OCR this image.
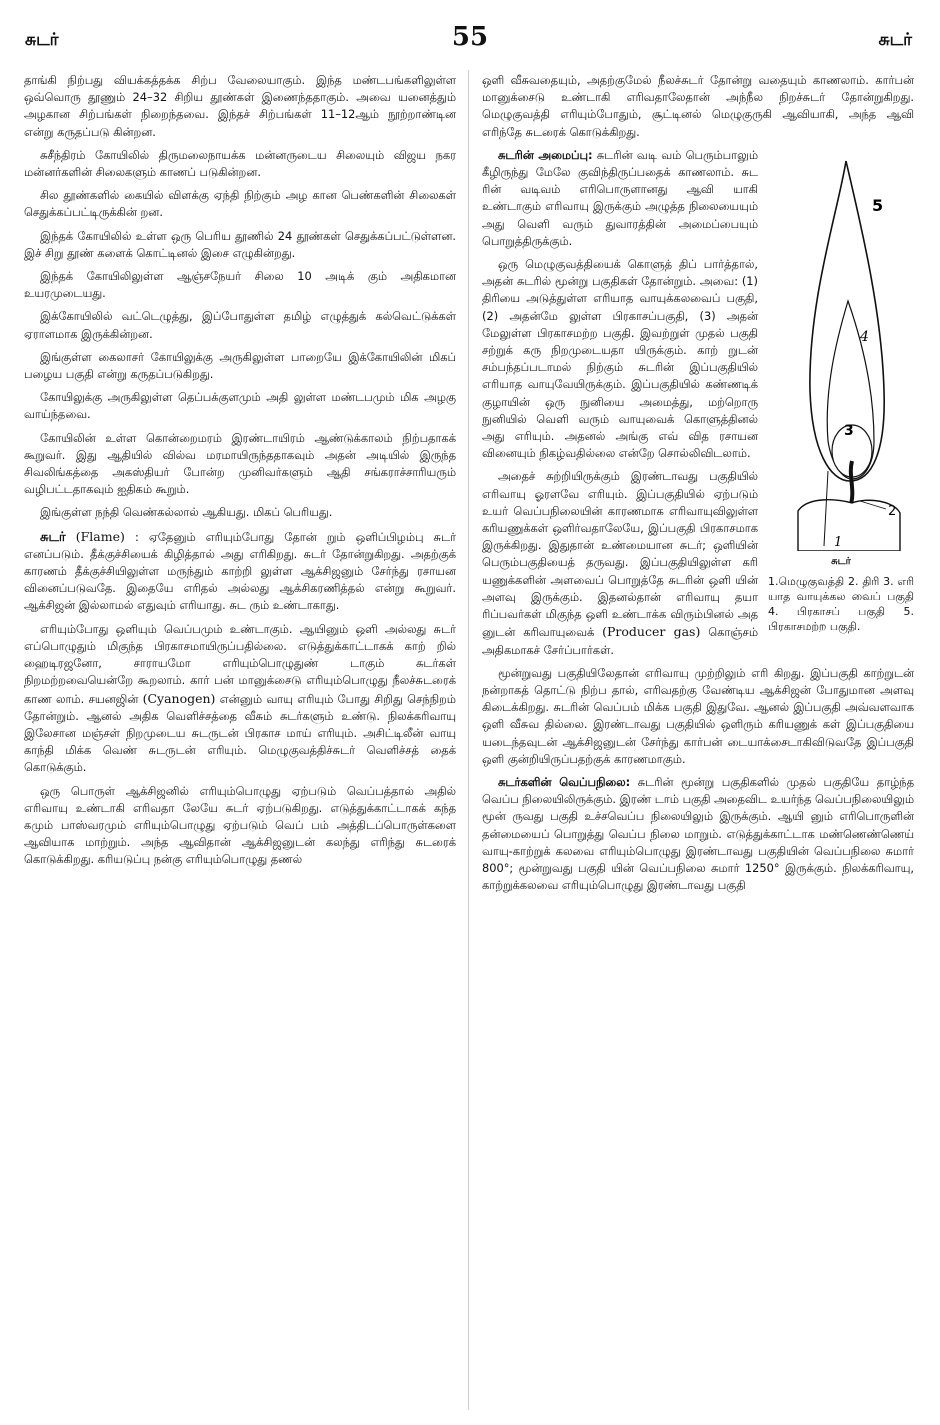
சுடர்	55	சுடர்

தாங்கி நிற்பது வியக்கத்தக்க சிற்ப வேலையாகும். இந்த மண்டபங்களிலுள்ள ஒவ்வொரு தூணும் 24–32 சிறிய தூண்கள் இணைந்ததாகும். அவை யனைத்தும் அழகான சிற்பங்கள் நிறைந்தவை. இந்தச் சிற்பங்கள் 11–12ஆம் நூற்றாண்டின என்று கருதப்படு கின்றன.

சுசீந்திரம் கோயிலில் திருமலைநாயக்க மன்னருடைய சிலையும் விஜய நகர மன்னர்களின் சிலைகளும் காணப் படுகின்றன.

சில தூண்களில் கையில் விளக்கு ஏந்தி நிற்கும் அழ கான பெண்களின் சிலைகள் செதுக்கப்பட்டிருக்கின் றன.

இந்தக் கோயிலில் உள்ள ஒரு பெரிய தூணில் 24 தூண்கள் செதுக்கப்பட்டுள்ளன. இச் சிறு தூண் களைக் கொட்டினல் இசை எழுகின்றது.

இந்தக் கோயிலிலுள்ள ஆஞ்சநேயர் சிலை 10 அடிக் கும் அதிகமான உயரமுடையது.

இக்கோயிலில் வட்டெழுத்து, இப்போதுள்ள தமிழ் எழுத்துக் கல்வெட்டுக்கள் ஏராளமாக இருக்கின்றன.

இங்குள்ள கைலாசர் கோயிலுக்கு அருகிலுள்ள பாறையே இக்கோயிலின் மிகப் பழைய பகுதி என்று கருதப்படுகிறது.

கோயிலுக்கு அருகிலுள்ள தெப்பக்குளமும் அதி லுள்ள மண்டபமும் மிக அழகு வாய்ந்தவை.

கோயிலின் உள்ள கொன்றைமரம் இரண்டாயிரம் ஆண்டுக்காலம் நிற்பதாகக் கூறுவர். இது ஆதியில் வில்வ மரமாயிருந்ததாகவும் அதன் அடியில் இருந்த சிவலிங்கத்தை அகஸ்தியர் போன்ற முனிவர்களும் ஆதி சங்கராச்சாரியரும் வழிபட்டதாகவும் ஐதிகம் கூறும்.

இங்குள்ள நந்தி வெண்கல்லால் ஆகியது. மிகப் பெரியது.

சுடர் (Flame) : ஏதேனும் எரியும்போது தோன் றும் ஒளிப்பிழம்பு சுடர் எனப்படும். தீக்குச்சியைக் கிழித்தால் அது எரிகிறது. சுடர் தோன்றுகிறது. அதற்குக் காரணம் தீக்குச்சியிலுள்ள மருந்தும் காற்றி லுள்ள ஆக்சிஜனும் சேர்ந்து ரசாயன வினைப்படுவதே. இதையே எரிதல் அல்லது ஆக்சிகரணித்தல் என்று கூறுவர். ஆக்சிஜன் இல்லாமல் எதுவும் எரியாது. சுட ரும் உண்டாகாது.

எரியும்போது ஒளியும் வெப்பமும் உண்டாகும். ஆயினும் ஒளி அல்லது சுடர் எப்பொழுதும் மிகுந்த பிரகாசமாயிருப்பதில்லை. எடுத்துக்காட்டாகக் காற் றில் ஹைடிரஜனோ, சாராயமோ எரியும்பொழுதுண் டாகும் சுடர்கள் நிறமற்றவையென்றே கூறலாம். கார் பன் மானுக்சைடு எரியும்பொழுது நீலச்சுடரைக் காண லாம். சயனஜின் (Cyanogen) என்னும் வாயு எரியும் போது சிறிது செந்நிறம் தோன்றும். ஆனல் அதிக வெளிச்சத்தை வீசும் சுடர்களும் உண்டு. நிலக்கரிவாயு இலேசான மஞ்சள் நிறமுடைய சுடருடன் பிரகாச மாய் எரியும். அசிட்டிலீன் வாயு காந்தி மிக்க வெண் சுடருடன் எரியும். மெழுகுவத்திச்சுடர் வெளிச்சத் தைக் கொடுக்கும்.

ஒரு பொருள் ஆக்சிஜனில் எரியும்பொழுது ஏற்படும் வெப்பத்தால் அதில் எரிவாயு உண்டாகி எரிவதா லேயே சுடர் ஏற்படுகிறது. எடுத்துக்காட்டாகக் கந்த கமும் பாஸ்வரமும் எரியும்பொழுது ஏற்படும் வெப் பம் அத்திடப்பொருள்களை ஆவியாக மாற்றும். அந்த ஆவிதான் ஆக்சிஜனுடன் கலந்து எரிந்து சுடரைக் கொடுக்கிறது. கரியடுப்பு நன்கு எரியும்பொழுது தணல்

ஒளி வீசுவதையும், அதற்குமேல் நீலச்சுடர் தோன்று வதையும் காணலாம். கார்பன் மானுக்சைடு உண்டாகி எரிவதாலேதான் அந்நீல நிறச்சுடர் தோன்றுகிறது. மெழுகுவத்தி எரியும்போதும், சூட்டினல் மெழுகுருகி ஆவியாகி, அந்த ஆவி எரிந்தே சுடரைக் கொடுக்கிறது.

5
4
3
2
1
சுடர்
1.மெழுகுவத்தி 2. திரி 3. எரி யாத வாயுக்கல வைப் பகுதி 4. பிரகாசப் பகுதி 5. பிரகாசமற்ற பகுதி.

சுடரின் அமைப்பு: சுடரின் வடி வம் பெரும்பாலும் கீழிருந்து மேலே குவிந்திருப்பதைக் காணலாம். சுட ரின் வடிவம் எரிபொருளானது ஆவி யாகி உண்டாகும் எரிவாயு இருக்கும் அழுத்த நிலையையும் அது வெளி வரும் துவாரத்தின் அமைப்பையும் பொறுத்திருக்கும்.

ஒரு மெழுகுவத்தியைக் கொளுத் திப் பார்த்தால், அதன் சுடரில் மூன்று பகுதிகள் தோன்றும். அவை: (1) திரியை அடுத்துள்ள எரியாத வாயுக்கலவைப் பகுதி, (2) அதன்மே லுள்ள பிரகாசப்பகுதி, (3) அதன் மேலுள்ள பிரகாசமற்ற பகுதி. இவற்றுள் முதல் பகுதி சற்றுக் கரு நிறமுடையதா யிருக்கும். காற் றுடன் சம்பந்தப்படாமல் நிற்கும் சுடரின் இப்பகுதியில் எரியாத வாயுவேயிருக்கும். இப்பகுதியில் கண்ணடிக் குழாயின் ஒரு நுனியை அமைத்து, மற்றொரு நுனியில் வெளி வரும் வாயுவைக் கொளுத்தினல் அது எரியும். அதனல் அங்கு எவ் வித ரசாயன வினையும் நிகழ்வதில்லை என்றே சொல்லிவிடலாம்.

அதைச் சுற்றியிருக்கும் இரண்டாவது பகுதியில் எரிவாயு ஓரளவே எரியும். இப்பகுதியில் ஏற்படும் உயர் வெப்பநிலையின் காரணமாக எரிவாயுவிலுள்ள கரியணுக்கள் ஒளிர்வதாலேயே, இப்பகுதி பிரகாசமாக இருக்கிறது. இதுதான் உண்மையான சுடர்; ஒளியின் பெரும்பகுதியைத் தருவது. இப்பகுதியிலுள்ள கரி யணுக்களின் அளவைப் பொறுத்தே சுடரின் ஒளி யின் அளவு இருக்கும். இதனல்தான் எரிவாயு தயா ரிப்பவர்கள் மிகுந்த ஒளி உண்டாக்க விரும்பினல் அத னுடன் கரிவாயுவைக் (Producer gas) கொஞ்சம் அதிகமாகச் சேர்ப்பார்கள்.

மூன்றுவது பகுதியிலேதான் எரிவாயு முற்றிலும் எரி கிறது. இப்பகுதி காற்றுடன் நன்றாகத் தொட்டு நிற்ப தால், எரிவதற்கு வேண்டிய ஆக்சிஜன் போதுமான அளவு கிடைக்கிறது. சுடரின் வெப்பம் மிக்க பகுதி இதுவே. ஆனல் இப்பகுதி அவ்வளவாக ஒளி வீசுவ தில்லை. இரண்டாவது பகுதியில் ஒளிரும் கரியணுக் கள் இப்பகுதியை யடைந்தவுடன் ஆக்சிஜனுடன் சேர்ந்து கார்பன் டையாக்சைடாகிவிடுவதே இப்பகுதி ஒளி குன்றியிருப்பதற்குக் காரணமாகும்.

சுடர்களின் வெப்பநிலை: சுடரின் மூன்று பகுதிகளில் முதல் பகுதியே தாழ்ந்த வெப்ப நிலையிலிருக்கும். இரண் டாம் பகுதி அதைவிட உயர்ந்த வெப்பநிலையிலும் மூன் ருவது பகுதி உச்சவெப்ப நிலையிலும் இருக்கும். ஆயி னும் எரிபொருளின் தன்மையைப் பொறுத்து வெப்ப நிலை மாறும். எடுத்துக்காட்டாக மண்ணெண்ணெய் வாயு-காற்றுக் கலவை எரியும்பொழுது இரண்டாவது பகுதியின் வெப்பநிலை சுமார் 800°; மூன்றுவது பகுதி யின் வெப்பநிலை சுமார் 1250° இருக்கும். நிலக்கரிவாயு, காற்றுக்கலவை எரியும்பொழுது இரண்டாவது பகுதி
